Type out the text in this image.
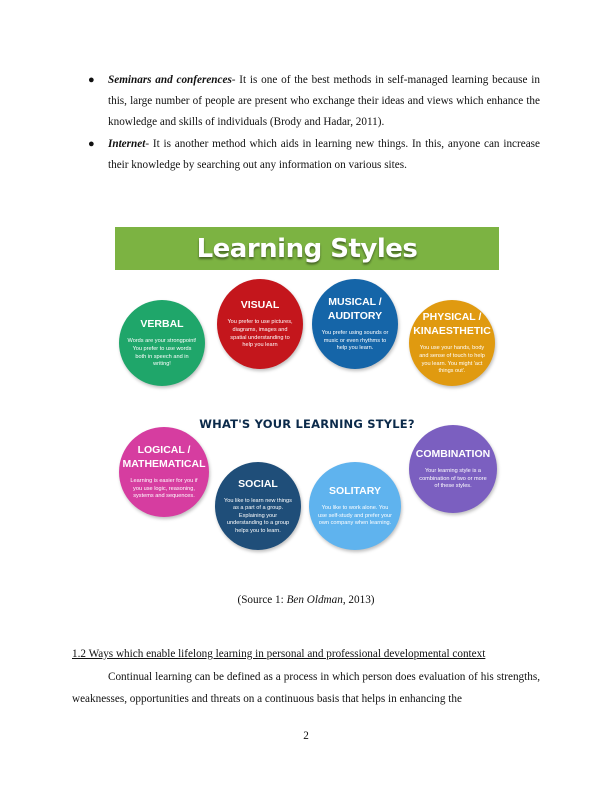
● Seminars and conferences- It is one of the best methods in self-managed learning because in this, large number of people are present who exchange their ideas and views which enhance the knowledge and skills of individuals (Brody and Hadar, 2011).
● Internet- It is another method which aids in learning new things. In this, anyone can increase their knowledge by searching out any information on various sites.
Learning Styles
VERBAL
Words are your strongpoint! You prefer to use words both in speech and in writing!
VISUAL
You prefer to use pictures, diagrams, images and spatial understanding to help you learn
MUSICAL / AUDITORY
You prefer using sounds or music or even rhythms to help you learn.
PHYSICAL / KINAESTHETIC
You use your hands, body and sense of touch to help you learn. You might 'act things out'.
WHAT'S YOUR LEARNING STYLE?
LOGICAL / MATHEMATICAL
Learning is easier for you if you use logic, reasoning, systems and sequences.
SOCIAL
You like to learn new things as a part of a group. Explaining your understanding to a group helps you to learn.
SOLITARY
You like to work alone. You use self-study and prefer your own company when learning.
COMBINATION
Your learning style is a combination of two or more of these styles.
(Source 1: Ben Oldman, 2013)
1.2 Ways which enable lifelong learning in personal and professional developmental context

Continual learning can be defined as a process in which person does evaluation of his strengths, weaknesses, opportunities and threats on a continuous basis that helps in enhancing the

2
